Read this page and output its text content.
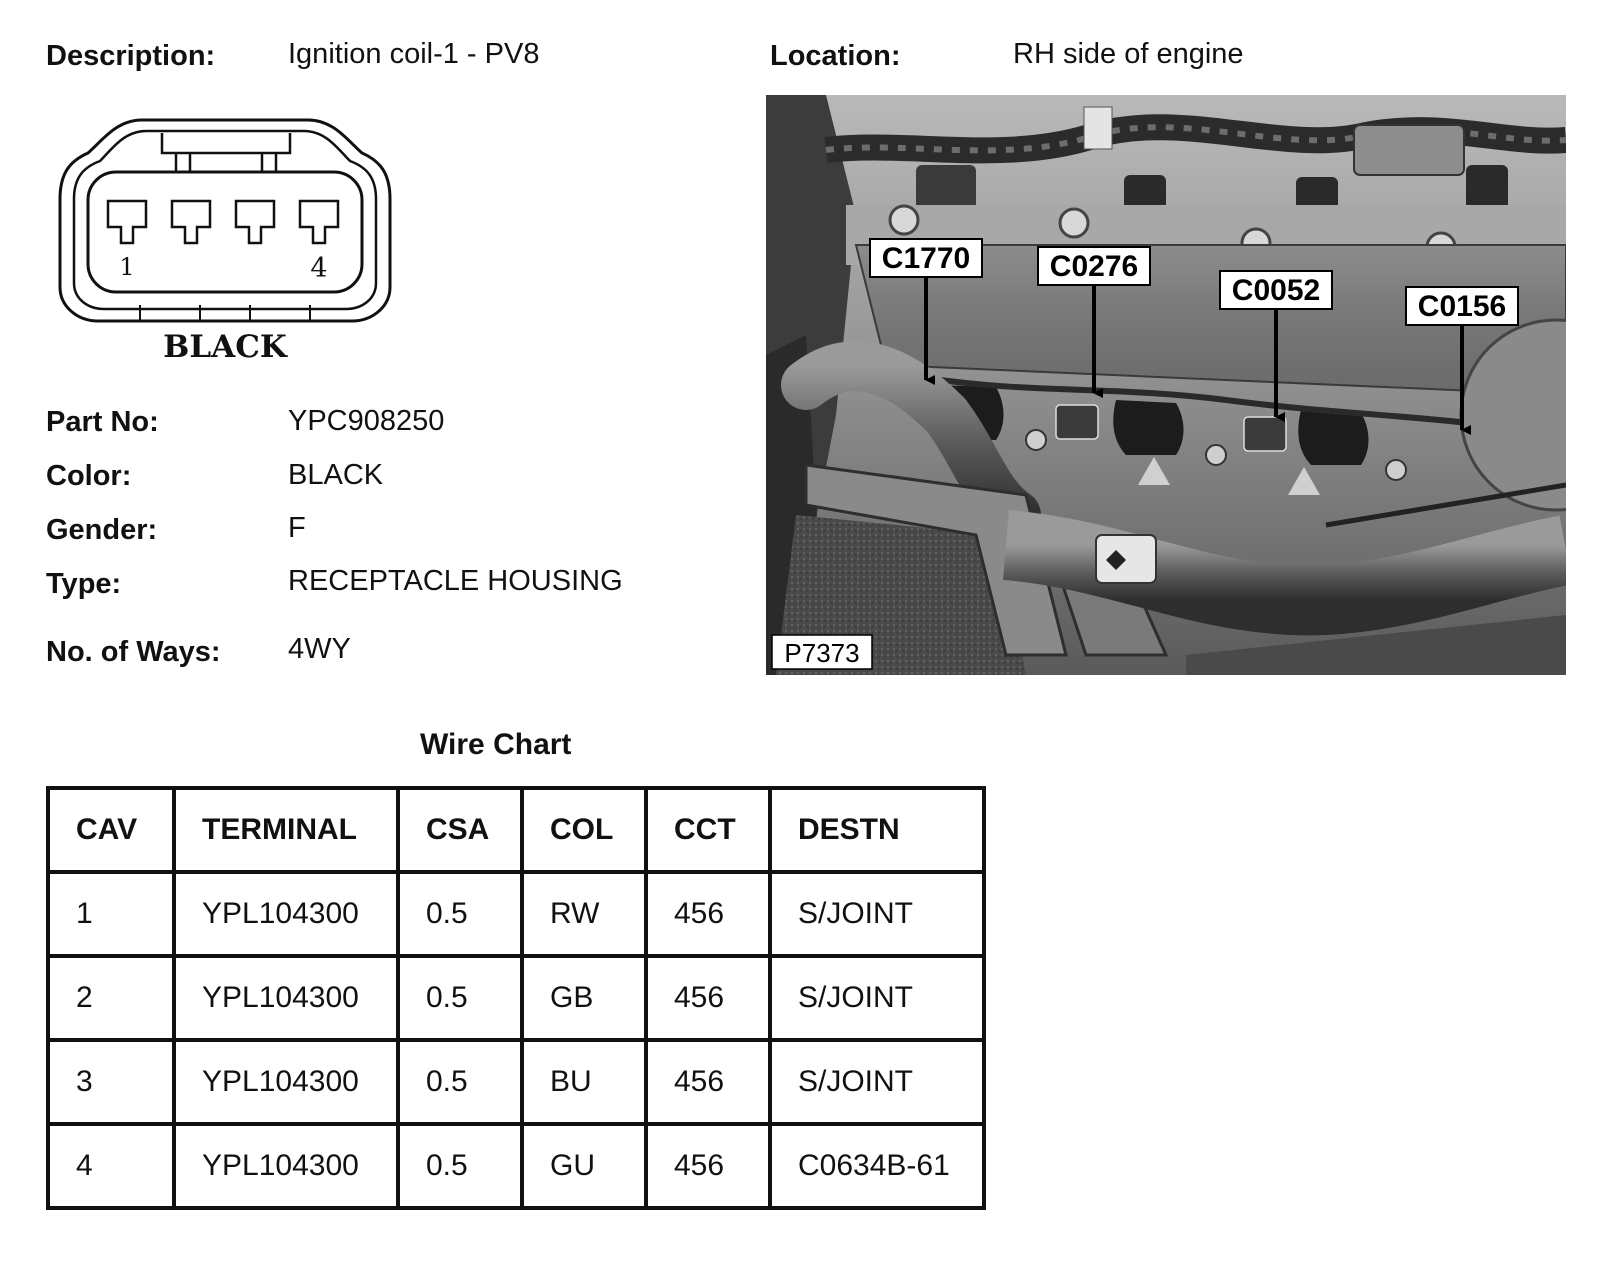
Description:	Ignition coil-1 - PV8	Location:	RH side of engine
1	4
BLACK
Part No:	YPC908250
Color:	BLACK
Gender:	F
Type:	RECEPTACLE HOUSING
No. of Ways: 4WY
C1770	C0276
C0052	C0156
P7373
Wire Chart
CAV	TERMINAL	CSA	COL	CCT	DESTN
1	YPL104300	0.5	RW	456	S/JOINT
2	YPL104300	0.5	GB	456	S/JOINT
3	YPL104300	0.5	BU	456	S/JOINT
4	YPL104300	0.5	GU	456	C0634B-61
